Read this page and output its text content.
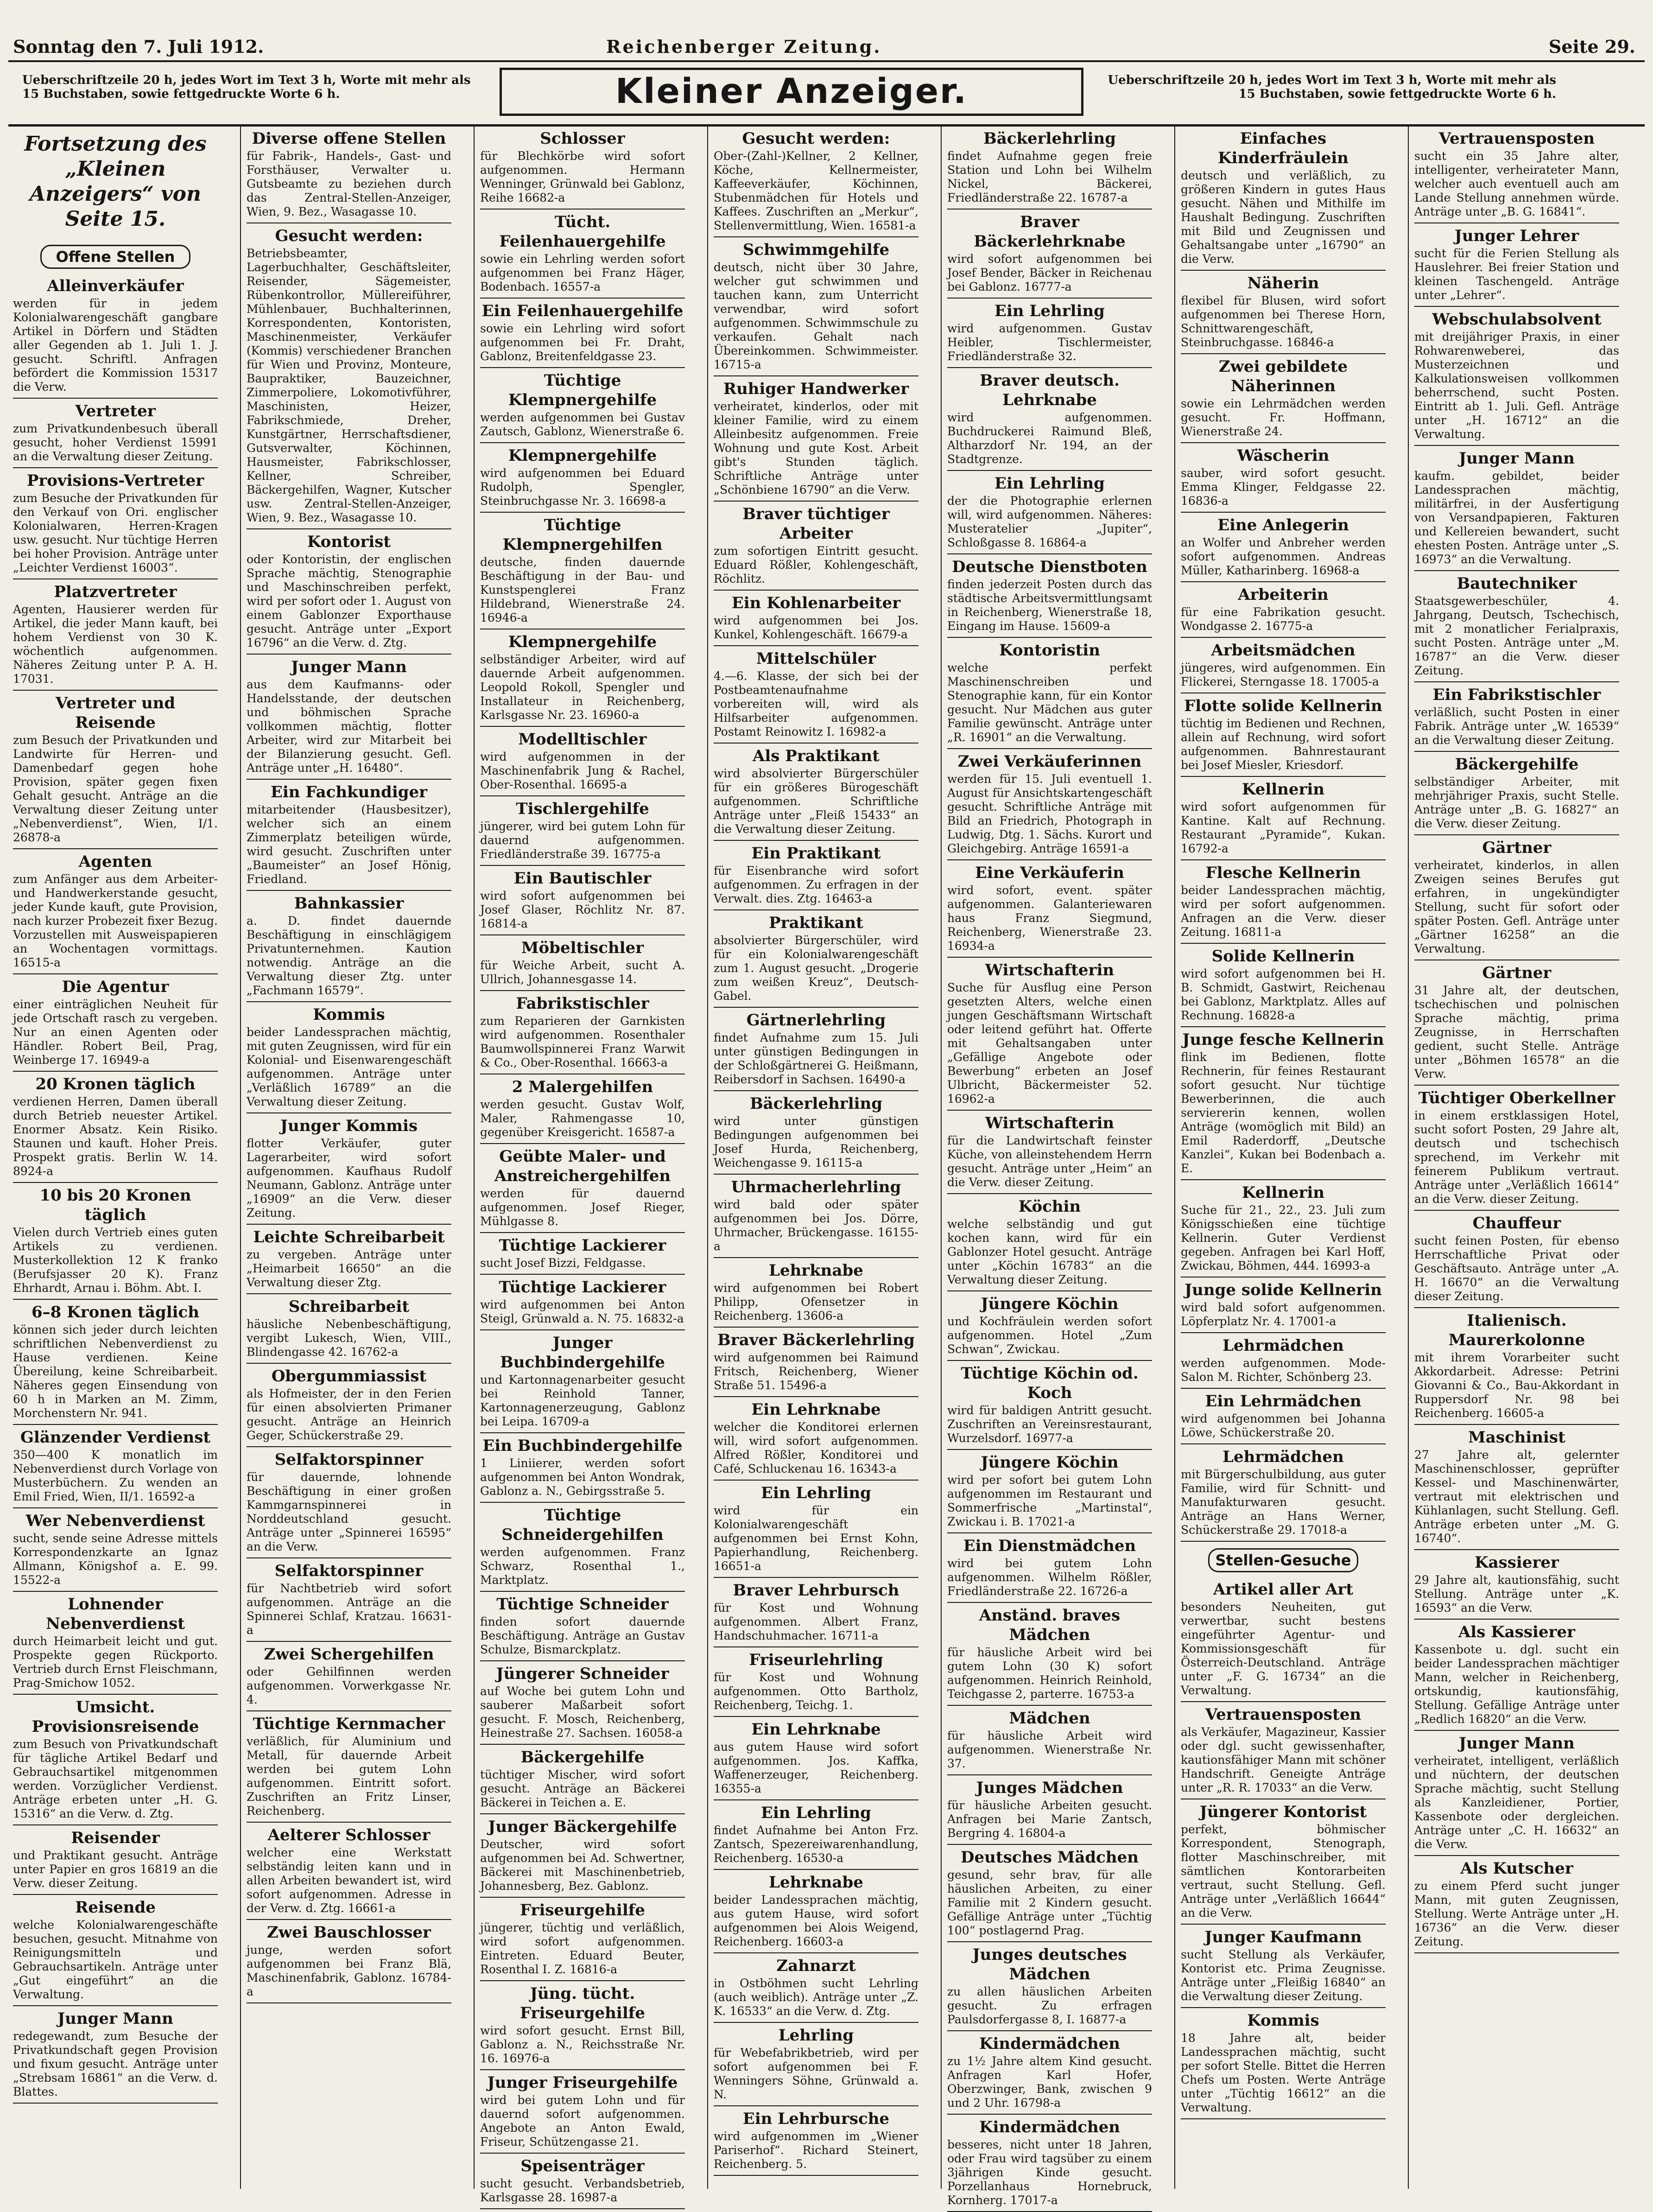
Sonntag den 7. Juli 1912.	Reichenberger Zeitung.	Seite 29.
Ueberschriftzeile 20 h, jedes Wort im Text 3 h, Worte mit mehr als 15 Buchstaben, sowie fettgedruckte Worte 6 h.	Kleiner Anzeiger.	Ueberschriftzeile 20 h, jedes Wort im Text 3 h, Worte mit mehr als 15 Buchstaben, sowie fettgedruckte Worte 6 h.
Fortsetzung des „Kleinen Anzeigers“ von Seite 15.
Offene Stellen
Alleinverkäufer
werden für in jedem Kolonialwarengeschäft gangbare Artikel in Dörfern und Städten aller Gegenden ab 1. Juli 1. J. gesucht. Schriftl. Anfragen befördert die Kommission 15317 die Verw.
Vertreter
zum Privatkundenbesuch überall gesucht, hoher Verdienst 15991 an die Verwaltung dieser Zeitung.
Provisions-Vertreter
zum Besuche der Privatkunden für den Verkauf von Ori. englischer Kolonialwaren, Herren-Kragen usw. gesucht. Nur tüchtige Herren bei hoher Provision. Anträge unter „Leichter Verdienst 16003“.
Platzvertreter
Agenten, Hausierer werden für Artikel, die jeder Mann kauft, bei hohem Verdienst von 30 K. wöchentlich aufgenommen. Näheres Zeitung unter P. A. H. 17031.
Vertreter und Reisende
zum Besuch der Privatkunden und Landwirte für Herren- und Damenbedarf gegen hohe Provision, später gegen fixen Gehalt gesucht. Anträge an die Verwaltung dieser Zeitung unter „Nebenverdienst“, Wien, I/1. 26878-a
Agenten
zum Anfänger aus dem Arbeiter- und Handwerkerstande gesucht, jeder Kunde kauft, gute Provision, nach kurzer Probezeit fixer Bezug. Vorzustellen mit Ausweispapieren an Wochentagen vormittags. 16515-a
Die Agentur
einer einträglichen Neuheit für jede Ortschaft rasch zu vergeben. Nur an einen Agenten oder Händler. Robert Beil, Prag, Weinberge 17. 16949-a
20 Kronen täglich
verdienen Herren, Damen überall durch Betrieb neuester Artikel. Enormer Absatz. Kein Risiko. Staunen und kauft. Hoher Preis. Prospekt gratis. Berlin W. 14. 8924-a
10 bis 20 Kronen täglich
Vielen durch Vertrieb eines guten Artikels zu verdienen. Musterkollektion 12 K franko (Berufsjasser 20 K). Franz Ehrhardt, Arnau i. Böhm. Abt. I.
6–8 Kronen täglich
können sich jeder durch leichten schriftlichen Nebenverdienst zu Hause verdienen. Keine Übereilung, keine Schreibarbeit. Näheres gegen Einsendung von 60 h in Marken an M. Zimm, Morchenstern Nr. 941.
Glänzender Verdienst
350—400 K monatlich im Nebenverdienst durch Vorlage von Musterbüchern. Zu wenden an Emil Fried, Wien, II/1. 16592-a
Wer Nebenverdienst
sucht, sende seine Adresse mittels Korrespondenzkarte an Ignaz Allmann, Königshof a. E. 99. 15522-a
Lohnender Nebenverdienst
durch Heimarbeit leicht und gut. Prospekte gegen Rückporto. Vertrieb durch Ernst Fleischmann, Prag-Smichow 1052.
Umsicht. Provisionsreisende
zum Besuch von Privatkundschaft für tägliche Artikel Bedarf und Gebrauchsartikel mitgenommen werden. Vorzüglicher Verdienst. Anträge erbeten unter „H. G. 15316“ an die Verw. d. Ztg.
Reisender
und Praktikant gesucht. Anträge unter Papier en gros 16819 an die Verw. dieser Zeitung.
Reisende
welche Kolonialwarengeschäfte besuchen, gesucht. Mitnahme von Reinigungsmitteln und Gebrauchsartikeln. Anträge unter „Gut eingeführt“ an die Verwaltung.
Junger Mann
redegewandt, zum Besuche der Privatkundschaft gegen Provision und fixum gesucht. Anträge unter „Strebsam 16861“ an die Verw. d. Blattes.
Diverse offene Stellen
für Fabrik-, Handels-, Gast- und Forsthäuser, Verwalter u. Gutsbeamte zu beziehen durch das Zentral-Stellen-Anzeiger, Wien, 9. Bez., Wasagasse 10.
Gesucht werden:
Betriebsbeamter, Lagerbuchhalter, Geschäftsleiter, Reisender, Sägemeister, Rübenkontrollor, Müllereiführer, Mühlenbauer, Buchhalterinnen, Korrespondenten, Kontoristen, Maschinenmeister, Verkäufer (Kommis) verschiedener Branchen für Wien und Provinz, Monteure, Baupraktiker, Bauzeichner, Zimmerpoliere, Lokomotivführer, Maschinisten, Heizer, Fabrikschmiede, Dreher, Kunstgärtner, Herrschaftsdiener, Gutsverwalter, Köchinnen, Hausmeister, Fabrikschlosser, Kellner, Schreiber, Bäckergehilfen, Wagner, Kutscher usw. Zentral-Stellen-Anzeiger, Wien, 9. Bez., Wasagasse 10.
Kontorist
oder Kontoristin, der englischen Sprache mächtig, Stenographie und Maschinschreiben perfekt, wird per sofort oder 1. August von einem Gablonzer Exporthause gesucht. Anträge unter „Export 16796“ an die Verw. d. Ztg.
Junger Mann
aus dem Kaufmanns- oder Handelsstande, der deutschen und böhmischen Sprache vollkommen mächtig, flotter Arbeiter, wird zur Mitarbeit bei der Bilanzierung gesucht. Gefl. Anträge unter „H. 16480“.
Ein Fachkundiger
mitarbeitender (Hausbesitzer), welcher sich an einem Zimmerplatz beteiligen würde, wird gesucht. Zuschriften unter „Baumeister“ an Josef Hönig, Friedland.
Bahnkassier
a. D. findet dauernde Beschäftigung in einschlägigem Privatunternehmen. Kaution notwendig. Anträge an die Verwaltung dieser Ztg. unter „Fachmann 16579“.
Kommis
beider Landessprachen mächtig, mit guten Zeugnissen, wird für ein Kolonial- und Eisenwarengeschäft aufgenommen. Anträge unter „Verläßlich 16789“ an die Verwaltung dieser Zeitung.
Junger Kommis
flotter Verkäufer, guter Lagerarbeiter, wird sofort aufgenommen. Kaufhaus Rudolf Neumann, Gablonz. Anträge unter „16909“ an die Verw. dieser Zeitung.
Leichte Schreibarbeit
zu vergeben. Anträge unter „Heimarbeit 16650“ an die Verwaltung dieser Ztg.
Schreibarbeit
häusliche Nebenbeschäftigung, vergibt Lukesch, Wien, VIII., Blindengasse 42. 16762-a
Obergummiassist
als Hofmeister, der in den Ferien für einen absolvierten Primaner gesucht. Anträge an Heinrich Geger, Schückerstraße 29.
Selfaktorspinner
für dauernde, lohnende Beschäftigung in einer großen Kammgarnspinnerei in Norddeutschland gesucht. Anträge unter „Spinnerei 16595“ an die Verw.
Selfaktorspinner
für Nachtbetrieb wird sofort aufgenommen. Anträge an die Spinnerei Schlaf, Kratzau. 16631-a
Zwei Schergehilfen
oder Gehilfinnen werden aufgenommen. Vorwerkgasse Nr. 4.
Tüchtige Kernmacher
verläßlich, für Aluminium und Metall, für dauernde Arbeit werden bei gutem Lohn aufgenommen. Eintritt sofort. Zuschriften an Fritz Linser, Reichenberg.
Aelterer Schlosser
welcher eine Werkstatt selbständig leiten kann und in allen Arbeiten bewandert ist, wird sofort aufgenommen. Adresse in der Verw. d. Ztg. 16661-a
Zwei Bauschlosser
junge, werden sofort aufgenommen bei Franz Blä, Maschinenfabrik, Gablonz. 16784-a
Schlosser
für Blechkörbe wird sofort aufgenommen. Hermann Wenninger, Grünwald bei Gablonz, Reihe 16682-a
Tücht. Feilenhauergehilfe
sowie ein Lehrling werden sofort aufgenommen bei Franz Häger, Bodenbach. 16557-a
Ein Feilenhauergehilfe
sowie ein Lehrling wird sofort aufgenommen bei Fr. Draht, Gablonz, Breitenfeldgasse 23.
Tüchtige Klempnergehilfe
werden aufgenommen bei Gustav Zautsch, Gablonz, Wienerstraße 6.
Klempnergehilfe
wird aufgenommen bei Eduard Rudolph, Spengler, Steinbruchgasse Nr. 3. 16698-a
Tüchtige Klempnergehilfen
deutsche, finden dauernde Beschäftigung in der Bau- und Kunstspenglerei Franz Hildebrand, Wienerstraße 24. 16946-a
Klempnergehilfe
selbständiger Arbeiter, wird auf dauernde Arbeit aufgenommen. Leopold Rokoll, Spengler und Installateur in Reichenberg, Karlsgasse Nr. 23. 16960-a
Modelltischler
wird aufgenommen in der Maschinenfabrik Jung & Rachel, Ober-Rosenthal. 16695-a
Tischlergehilfe
jüngerer, wird bei gutem Lohn für dauernd aufgenommen. Friedländerstraße 39. 16775-a
Ein Bautischler
wird sofort aufgenommen bei Josef Glaser, Röchlitz Nr. 87. 16814-a
Möbeltischler
für Weiche Arbeit, sucht A. Ullrich, Johannesgasse 14.
Fabrikstischler
zum Reparieren der Garnkisten wird aufgenommen. Rosenthaler Baumwollspinnerei Franz Warwit & Co., Ober-Rosenthal. 16663-a
2 Malergehilfen
werden gesucht. Gustav Wolf, Maler, Rahmengasse 10, gegenüber Kreisgericht. 16587-a
Geübte Maler- und Anstreichergehilfen
werden für dauernd aufgenommen. Josef Rieger, Mühlgasse 8.
Tüchtige Lackierer
sucht Josef Bizzi, Feldgasse.
Tüchtige Lackierer
wird aufgenommen bei Anton Steigl, Grünwald a. N. 75. 16832-a
Junger Buchbindergehilfe
und Kartonnagenarbeiter gesucht bei Reinhold Tanner, Kartonnagenerzeugung, Gablonz bei Leipa. 16709-a
Ein Buchbindergehilfe
1 Liniierer, werden sofort aufgenommen bei Anton Wondrak, Gablonz a. N., Gebirgsstraße 5.
Tüchtige Schneidergehilfen
werden aufgenommen. Franz Schwarz, Rosenthal 1., Marktplatz.
Tüchtige Schneider
finden sofort dauernde Beschäftigung. Anträge an Gustav Schulze, Bismarckplatz.
Jüngerer Schneider
auf Woche bei gutem Lohn und sauberer Maßarbeit sofort gesucht. F. Mosch, Reichenberg, Heinestraße 27. Sachsen. 16058-a
Bäckergehilfe
tüchtiger Mischer, wird sofort gesucht. Anträge an Bäckerei Bäckerei in Teichen a. E.
Junger Bäckergehilfe
Deutscher, wird sofort aufgenommen bei Ad. Schwertner, Bäckerei mit Maschinenbetrieb, Johannesberg, Bez. Gablonz.
Friseurgehilfe
jüngerer, tüchtig und verläßlich, wird sofort aufgenommen. Eintreten. Eduard Beuter, Rosenthal I. Z. 16816-a
Jüng. tücht. Friseurgehilfe
wird sofort gesucht. Ernst Bill, Gablonz a. N., Reichsstraße Nr. 16. 16976-a
Junger Friseurgehilfe
wird bei gutem Lohn und für dauernd sofort aufgenommen. Angebote an Anton Ewald, Friseur, Schützengasse 21.
Speisenträger
sucht gesucht. Verbandsbetrieb, Karlsgasse 28. 16987-a
Gesucht werden:
Ober-(Zahl-)Kellner, 2 Kellner, Köche, Kellnermeister, Kaffeeverkäufer, Köchinnen, Stubenmädchen für Hotels und Kaffees. Zuschriften an „Merkur“, Stellenvermittlung, Wien. 16581-a
Schwimmgehilfe
deutsch, nicht über 30 Jahre, welcher gut schwimmen und tauchen kann, zum Unterricht verwendbar, wird sofort aufgenommen. Schwimmschule zu verkaufen. Gehalt nach Übereinkommen. Schwimmeister. 16715-a
Ruhiger Handwerker
verheiratet, kinderlos, oder mit kleiner Familie, wird zu einem Alleinbesitz aufgenommen. Freie Wohnung und gute Kost. Arbeit gibt's Stunden täglich. Schriftliche Anträge unter „Schönbiene 16790“ an die Verw.
Braver tüchtiger Arbeiter
zum sofortigen Eintritt gesucht. Eduard Rößler, Kohlengeschäft, Röchlitz.
Ein Kohlenarbeiter
wird aufgenommen bei Jos. Kunkel, Kohlengeschäft. 16679-a
Mittelschüler
4.—6. Klasse, der sich bei der Postbeamtenaufnahme vorbereiten will, wird als Hilfsarbeiter aufgenommen. Postamt Reinowitz I. 16982-a
Als Praktikant
wird absolvierter Bürgerschüler für ein größeres Bürogeschäft aufgenommen. Schriftliche Anträge unter „Fleiß 15433“ an die Verwaltung dieser Zeitung.
Ein Praktikant
für Eisenbranche wird sofort aufgenommen. Zu erfragen in der Verwalt. dies. Ztg. 16463-a
Praktikant
absolvierter Bürgerschüler, wird für ein Kolonialwarengeschäft zum 1. August gesucht. „Drogerie zum weißen Kreuz“, Deutsch-Gabel.
Gärtnerlehrling
findet Aufnahme zum 15. Juli unter günstigen Bedingungen in der Schloßgärtnerei G. Heißmann, Reibersdorf in Sachsen. 16490-a
Bäckerlehrling
wird unter günstigen Bedingungen aufgenommen bei Josef Hurda, Reichenberg, Weichengasse 9. 16115-a
Uhrmacherlehrling
wird bald oder später aufgenommen bei Jos. Dörre, Uhrmacher, Brückengasse. 16155-a
Lehrknabe
wird aufgenommen bei Robert Philipp, Ofensetzer in Reichenberg. 13606-a
Braver Bäckerlehrling
wird aufgenommen bei Raimund Fritsch, Reichenberg, Wiener Straße 51. 15496-a
Ein Lehrknabe
welcher die Konditorei erlernen will, wird sofort aufgenommen. Alfred Rößler, Konditorei und Café, Schluckenau 16. 16343-a
Ein Lehrling
wird für ein Kolonialwarengeschäft aufgenommen bei Ernst Kohn, Papierhandlung, Reichenberg. 16651-a
Braver Lehrbursch
für Kost und Wohnung aufgenommen. Albert Franz, Handschuhmacher. 16711-a
Friseurlehrling
für Kost und Wohnung aufgenommen. Otto Bartholz, Reichenberg, Teichg. 1.
Ein Lehrknabe
aus gutem Hause wird sofort aufgenommen. Jos. Kaffka, Waffenerzeuger, Reichenberg. 16355-a
Ein Lehrling
findet Aufnahme bei Anton Frz. Zantsch, Spezereiwarenhandlung, Reichenberg. 16530-a
Lehrknabe
beider Landessprachen mächtig, aus gutem Hause, wird sofort aufgenommen bei Alois Weigend, Reichenberg. 16603-a
Zahnarzt
in Ostböhmen sucht Lehrling (auch weiblich). Anträge unter „Z. K. 16533“ an die Verw. d. Ztg.
Lehrling
für Webefabrikbetrieb, wird per sofort aufgenommen bei F. Wenningers Söhne, Grünwald a. N.
Ein Lehrbursche
wird aufgenommen im „Wiener Pariserhof“. Richard Steinert, Reichenberg. 5.
Bäckerlehrling
findet Aufnahme gegen freie Station und Lohn bei Wilhelm Nickel, Bäckerei, Friedländerstraße 22. 16787-a
Braver Bäckerlehrknabe
wird sofort aufgenommen bei Josef Bender, Bäcker in Reichenau bei Gablonz. 16777-a
Ein Lehrling
wird aufgenommen. Gustav Heibler, Tischlermeister, Friedländerstraße 32.
Braver deutsch. Lehrknabe
wird aufgenommen. Buchdruckerei Raimund Bleß, Altharzdorf Nr. 194, an der Stadtgrenze.
Ein Lehrling
der die Photographie erlernen will, wird aufgenommen. Näheres: Musteratelier „Jupiter“, Schloßgasse 8. 16864-a
Deutsche Dienstboten
finden jederzeit Posten durch das städtische Arbeitsvermittlungsamt in Reichenberg, Wienerstraße 18, Eingang im Hause. 15609-a
Kontoristin
welche perfekt Maschinenschreiben und Stenographie kann, für ein Kontor gesucht. Nur Mädchen aus guter Familie gewünscht. Anträge unter „R. 16901“ an die Verwaltung.
Zwei Verkäuferinnen
werden für 15. Juli eventuell 1. August für Ansichtskartengeschäft gesucht. Schriftliche Anträge mit Bild an Friedrich, Photograph in Ludwig, Dtg. 1. Sächs. Kurort und Gleichgebirg. Anträge 16591-a
Eine Verkäuferin
wird sofort, event. später aufgenommen. Galanteriewaren haus Franz Siegmund, Reichenberg, Wienerstraße 23. 16934-a
Wirtschafterin
Suche für Ausflug eine Person gesetzten Alters, welche einen jungen Geschäftsmann Wirtschaft oder leitend geführt hat. Offerte mit Gehaltsangaben unter „Gefällige Angebote oder Bewerbung“ erbeten an Josef Ulbricht, Bäckermeister 52. 16962-a
Wirtschafterin
für die Landwirtschaft feinster Küche, von alleinstehendem Herrn gesucht. Anträge unter „Heim“ an die Verw. dieser Zeitung.
Köchin
welche selbständig und gut kochen kann, wird für ein Gablonzer Hotel gesucht. Anträge unter „Köchin 16783“ an die Verwaltung dieser Zeitung.
Jüngere Köchin
und Kochfräulein werden sofort aufgenommen. Hotel „Zum Schwan“, Zwickau.
Tüchtige Köchin od. Koch
wird für baldigen Antritt gesucht. Zuschriften an Vereinsrestaurant, Wurzelsdorf. 16977-a
Jüngere Köchin
wird per sofort bei gutem Lohn aufgenommen im Restaurant und Sommerfrische „Martinstal“, Zwickau i. B. 17021-a
Ein Dienstmädchen
wird bei gutem Lohn aufgenommen. Wilhelm Rößler, Friedländerstraße 22. 16726-a
Anständ. braves Mädchen
für häusliche Arbeit wird bei gutem Lohn (30 K) sofort aufgenommen. Heinrich Reinhold, Teichgasse 2, parterre. 16753-a
Mädchen
für häusliche Arbeit wird aufgenommen. Wienerstraße Nr. 37.
Junges Mädchen
für häusliche Arbeiten gesucht. Anfragen bei Marie Zantsch, Bergring 4. 16804-a
Deutsches Mädchen
gesund, sehr brav, für alle häuslichen Arbeiten, zu einer Familie mit 2 Kindern gesucht. Gefällige Anträge unter „Tüchtig 100“ postlagernd Prag.
Junges deutsches Mädchen
zu allen häuslichen Arbeiten gesucht. Zu erfragen Paulsdorfergasse 8, I. 16877-a
Kindermädchen
zu 1½ Jahre altem Kind gesucht. Anfragen Karl Hofer, Oberzwinger, Bank, zwischen 9 und 2 Uhr. 16798-a
Kindermädchen
besseres, nicht unter 18 Jahren, oder Frau wird tagsüber zu einem 3jährigen Kinde gesucht. Porzellanhaus Hornebruck, Kornherg. 17017-a
Einfaches Kinderfräulein
deutsch und verläßlich, zu größeren Kindern in gutes Haus gesucht. Nähen und Mithilfe im Haushalt Bedingung. Zuschriften mit Bild und Zeugnissen und Gehaltsangabe unter „16790“ an die Verw.
Näherin
flexibel für Blusen, wird sofort aufgenommen bei Therese Horn, Schnittwarengeschäft, Steinbruchgasse. 16846-a
Zwei gebildete Näherinnen
sowie ein Lehrmädchen werden gesucht. Fr. Hoffmann, Wienerstraße 24.
Wäscherin
sauber, wird sofort gesucht. Emma Klinger, Feldgasse 22. 16836-a
Eine Anlegerin
an Wolfer und Anbreher werden sofort aufgenommen. Andreas Müller, Katharinberg. 16968-a
Arbeiterin
für eine Fabrikation gesucht. Wondgasse 2. 16775-a
Arbeitsmädchen
jüngeres, wird aufgenommen. Ein Flickerei, Sterngasse 18. 17005-a
Flotte solide Kellnerin
tüchtig im Bedienen und Rechnen, allein auf Rechnung, wird sofort aufgenommen. Bahnrestaurant bei Josef Miesler, Kriesdorf.
Kellnerin
wird sofort aufgenommen für Kantine. Kalt auf Rechnung. Restaurant „Pyramide“, Kukan. 16792-a
Flesche Kellnerin
beider Landessprachen mächtig, wird per sofort aufgenommen. Anfragen an die Verw. dieser Zeitung. 16811-a
Solide Kellnerin
wird sofort aufgenommen bei H. B. Schmidt, Gastwirt, Reichenau bei Gablonz, Marktplatz. Alles auf Rechnung. 16828-a
Junge fesche Kellnerin
flink im Bedienen, flotte Rechnerin, für feines Restaurant sofort gesucht. Nur tüchtige Bewerberinnen, die auch serviererin kennen, wollen Anträge (womöglich mit Bild) an Emil Raderdorff, „Deutsche Kanzlei“, Kukan bei Bodenbach a. E.
Kellnerin
Suche für 21., 22., 23. Juli zum Königsschießen eine tüchtige Kellnerin. Guter Verdienst gegeben. Anfragen bei Karl Hoff, Zwickau, Böhmen, 444. 16993-a
Junge solide Kellnerin
wird bald sofort aufgenommen. Löpferplatz Nr. 4. 17001-a
Lehrmädchen
werden aufgenommen. Mode-Salon M. Richter, Schönberg 23.
Ein Lehrmädchen
wird aufgenommen bei Johanna Löwe, Schückerstraße 20.
Lehrmädchen
mit Bürgerschulbildung, aus guter Familie, wird für Schnitt- und Manufakturwaren gesucht. Anträge an Hans Werner, Schückerstraße 29. 17018-a
Stellen-Gesuche
Artikel aller Art
besonders Neuheiten, gut verwertbar, sucht bestens eingeführter Agentur- und Kommissionsgeschäft für Österreich-Deutschland. Anträge unter „F. G. 16734“ an die Verwaltung.
Vertrauensposten
als Verkäufer, Magazineur, Kassier oder dgl. sucht gewissenhafter, kautionsfähiger Mann mit schöner Handschrift. Geneigte Anträge unter „R. R. 17033“ an die Verw.
Jüngerer Kontorist
perfekt, böhmischer Korrespondent, Stenograph, flotter Maschinschreiber, mit sämtlichen Kontorarbeiten vertraut, sucht Stellung. Gefl. Anträge unter „Verläßlich 16644“ an die Verw.
Junger Kaufmann
sucht Stellung als Verkäufer, Kontorist etc. Prima Zeugnisse. Anträge unter „Fleißig 16840“ an die Verwaltung dieser Zeitung.
Kommis
18 Jahre alt, beider Landessprachen mächtig, sucht per sofort Stelle. Bittet die Herren Chefs um Posten. Werte Anträge unter „Tüchtig 16612“ an die Verwaltung.
Vertrauensposten
sucht ein 35 Jahre alter, intelligenter, verheirateter Mann, welcher auch eventuell auch am Lande Stellung annehmen würde. Anträge unter „B. G. 16841“.
Junger Lehrer
sucht für die Ferien Stellung als Hauslehrer. Bei freier Station und kleinen Taschengeld. Anträge unter „Lehrer“.
Webschulabsolvent
mit dreijähriger Praxis, in einer Rohwarenweberei, das Musterzeichnen und Kalkulationsweisen vollkommen beherrschend, sucht Posten. Eintritt ab 1. Juli. Gefl. Anträge unter „H. 16712“ an die Verwaltung.
Junger Mann
kaufm. gebildet, beider Landessprachen mächtig, militärfrei, in der Ausfertigung von Versandpapieren, Fakturen und Kellereien bewandert, sucht ehesten Posten. Anträge unter „S. 16973“ an die Verwaltung.
Bautechniker
Staatsgewerbeschüler, 4. Jahrgang, Deutsch, Tschechisch, mit 2 monatlicher Ferialpraxis, sucht Posten. Anträge unter „M. 16787“ an die Verw. dieser Zeitung.
Ein Fabrikstischler
verläßlich, sucht Posten in einer Fabrik. Anträge unter „W. 16539“ an die Verwaltung dieser Zeitung.
Bäckergehilfe
selbständiger Arbeiter, mit mehrjähriger Praxis, sucht Stelle. Anträge unter „B. G. 16827“ an die Verw. dieser Zeitung.
Gärtner
verheiratet, kinderlos, in allen Zweigen seines Berufes gut erfahren, in ungekündigter Stellung, sucht für sofort oder später Posten. Gefl. Anträge unter „Gärtner 16258“ an die Verwaltung.
Gärtner
31 Jahre alt, der deutschen, tschechischen und polnischen Sprache mächtig, prima Zeugnisse, in Herrschaften gedient, sucht Stelle. Anträge unter „Böhmen 16578“ an die Verw.
Tüchtiger Oberkellner
in einem erstklassigen Hotel, sucht sofort Posten, 29 Jahre alt, deutsch und tschechisch sprechend, im Verkehr mit feinerem Publikum vertraut. Anträge unter „Verläßlich 16614“ an die Verw. dieser Zeitung.
Chauffeur
sucht feinen Posten, für ebenso Herrschaftliche Privat oder Geschäftsauto. Anträge unter „A. H. 16670“ an die Verwaltung dieser Zeitung.
Italienisch. Maurerkolonne
mit ihrem Vorarbeiter sucht Akkordarbeit. Adresse: Petrini Giovanni & Co., Bau-Akkordant in Ruppersdorf Nr. 98 bei Reichenberg. 16605-a
Maschinist
27 Jahre alt, gelernter Maschinenschlosser, geprüfter Kessel- und Maschinenwärter, vertraut mit elektrischen und Kühlanlagen, sucht Stellung. Gefl. Anträge erbeten unter „M. G. 16740“.
Kassierer
29 Jahre alt, kautionsfähig, sucht Stellung. Anträge unter „K. 16593“ an die Verw.
Als Kassierer
Kassenbote u. dgl. sucht ein beider Landessprachen mächtiger Mann, welcher in Reichenberg, ortskundig, kautionsfähig, Stellung. Gefällige Anträge unter „Redlich 16820“ an die Verw.
Junger Mann
verheiratet, intelligent, verläßlich und nüchtern, der deutschen Sprache mächtig, sucht Stellung als Kanzleidiener, Portier, Kassenbote oder dergleichen. Anträge unter „C. H. 16632“ an die Verw.
Als Kutscher
zu einem Pferd sucht junger Mann, mit guten Zeugnissen, Stellung. Werte Anträge unter „H. 16736“ an die Verw. dieser Zeitung.
